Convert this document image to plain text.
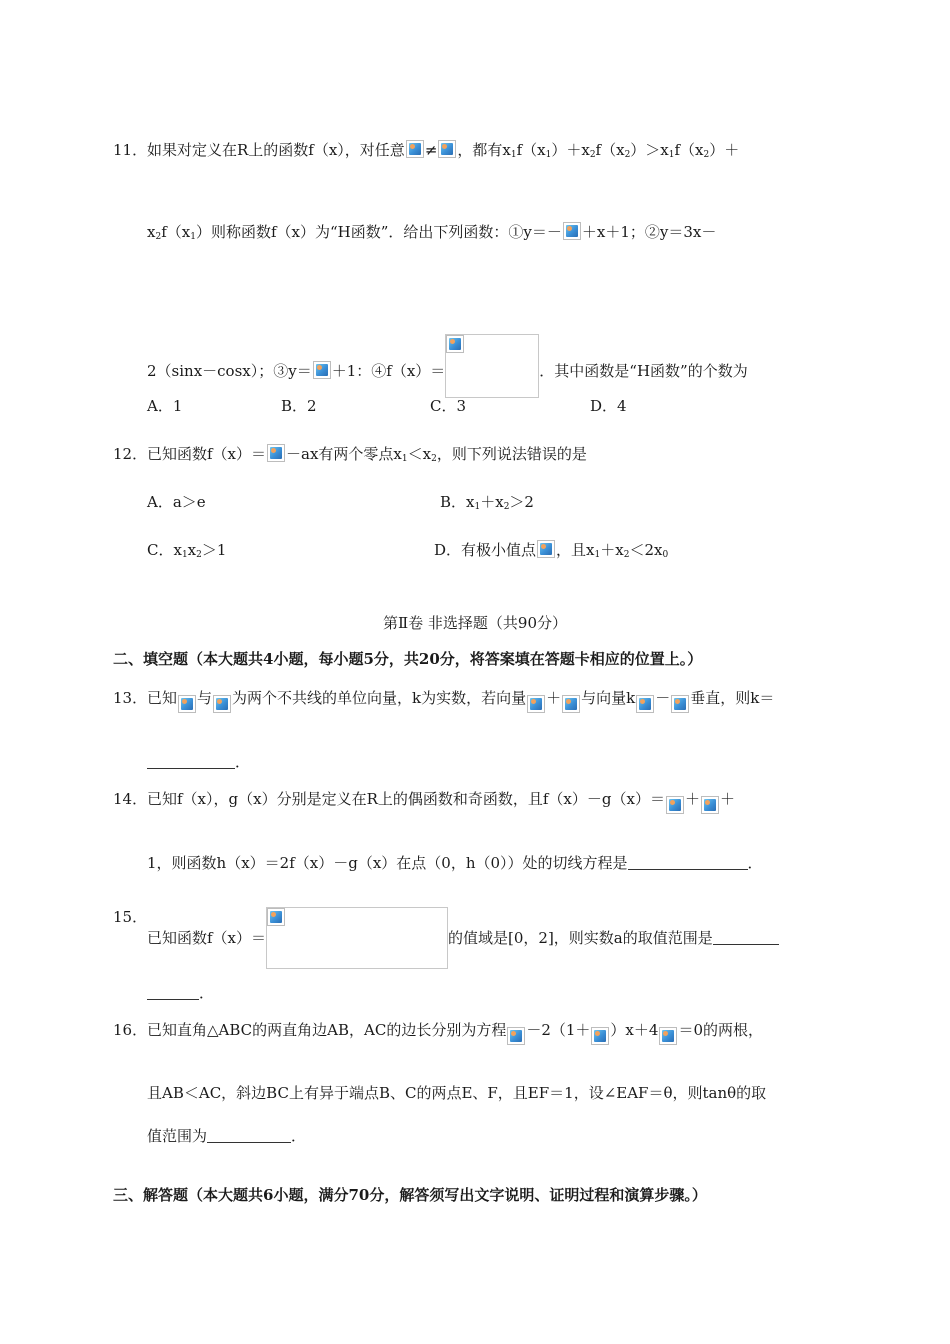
11． 如果对定义在R上的函数f（x），对任意 ≠ ，都有$x_1f(x_1)+x_2f(x_2)>x_1f(x_2)+$
$x_2f(x_1)$则称函数f（x）为“H函数”．给出下列函数：①y＝－ ＋x＋1；②y＝3x－
2（sinx－cosx）；③y＝ ＋1：④f（x）＝	．其中函数是“H函数”的个数为
A．1	B．2	C．3	D．4
12． 已知函数f（x）＝ －ax有两个零点$x_1<x_2$，则下列说法错误的是
A．a＞e	B．$x_1+x_2>2$
C．$x_1x_2>1$	D．有极小值点 ，且$x_1+x_2<2x_0$
第Ⅱ卷 非选择题（共90分）
二、填空题（本大题共4小题，每小题5分，共20分，将答案填在答题卡相应的位置上。）
13． 已知 与 为两个不共线的单位向量，k为实数，若向量 ＋ 与向量k － 垂直，则k＝
．
14． 已知f（x），g（x）分别是定义在R上的偶函数和奇函数，且f（x）－g（x）＝ ＋ ＋
1，则函数h（x）＝2f（x）－g（x）在点（0，h（0））处的切线方程是	．
15．
已知函数f（x）＝	的值域是[0，2]，则实数a的取值范围是
．
16． 已知直角△ABC的两直角边AB，AC的边长分别为方程 －2（1＋ ）x＋4 ＝0的两根，
且AB＜AC，斜边BC上有异于端点B、C的两点E、F，且EF＝1，设∠EAF＝θ，则tanθ的取
值范围为	．
三、解答题（本大题共6小题，满分70分，解答须写出文字说明、证明过程和演算步骤。）
